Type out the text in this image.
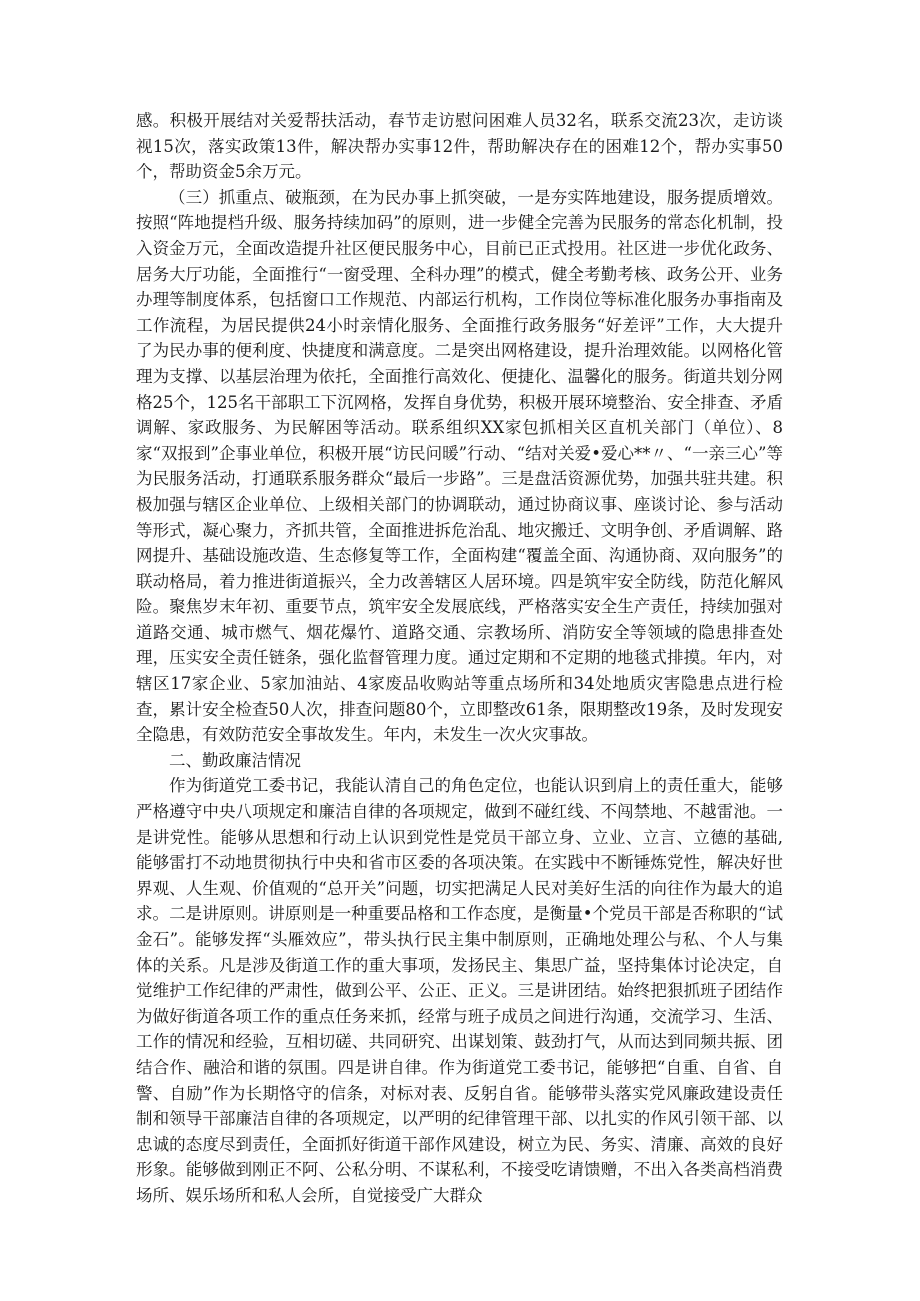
感。积极开展结对关爱帮扶活动，春节走访慰问困难人员32名，联系交流23次，走访谈视15次，落实政策13件，解决帮办实事12件，帮助解决存在的困难12个，帮办实事50个，帮助资金5余万元。

（三）抓重点、破瓶颈，在为民办事上抓突破，一是夯实阵地建设，服务提质增效。按照“阵地提档升级、服务持续加码”的原则，进一步健全完善为民服务的常态化机制，投入资金万元，全面改造提升社区便民服务中心，目前已正式投用。社区进一步优化政务、居务大厅功能，全面推行“一窗受理、全科办理”的模式，健全考勤考核、政务公开、业务办理等制度体系，包括窗口工作规范、内部运行机构，工作岗位等标准化服务办事指南及工作流程，为居民提供24小时亲情化服务、全面推行政务服务“好差评”工作，大大提升了为民办事的便利度、快捷度和满意度。二是突出网格建设，提升治理效能。以网格化管理为支撑、以基层治理为依托，全面推行高效化、便捷化、温馨化的服务。街道共划分网格25个，125名干部职工下沉网格，发挥自身优势，积极开展环境整治、安全排查、矛盾调解、家政服务、为民解困等活动。联系组织XX家包抓相关区直机关部门（单位）、8家“双报到”企事业单位，积极开展“访民问暖”行动、“结对关爱•爱心**〃、“一亲三心”等为民服务活动，打通联系服务群众“最后一步路”。三是盘活资源优势，加强共驻共建。积极加强与辖区企业单位、上级相关部门的协调联动，通过协商议事、座谈讨论、参与活动等形式，凝心聚力，齐抓共管，全面推进拆危治乱、地灾搬迁、文明争创、矛盾调解、路网提升、基础设施改造、生态修复等工作，全面构建“覆盖全面、沟通协商、双向服务”的联动格局，着力推进街道振兴，全力改善辖区人居环境。四是筑牢安全防线，防范化解风险。聚焦岁末年初、重要节点，筑牢安全发展底线，严格落实安全生产责任，持续加强对道路交通、城市燃气、烟花爆竹、道路交通、宗教场所、消防安全等领域的隐患排查处理，压实安全责任链条，强化监督管理力度。通过定期和不定期的地毯式排摸。年内，对辖区17家企业、5家加油站、4家废品收购站等重点场所和34处地质灾害隐患点进行检查，累计安全检查50人次，排查问题80个，立即整改61条，限期整改19条，及时发现安全隐患，有效防范安全事故发生。年内，未发生一次火灾事故。

二、勤政廉洁情况

作为街道党工委书记，我能认清自己的角色定位，也能认识到肩上的责任重大，能够严格遵守中央八项规定和廉洁自律的各项规定，做到不碰红线、不闯禁地、不越雷池。一是讲党性。能够从思想和行动上认识到党性是党员干部立身、立业、立言、立德的基础,能够雷打不动地贯彻执行中央和省市区委的各项决策。在实践中不断锤炼党性，解决好世界观、人生观、价值观的“总开关”问题，切实把满足人民对美好生活的向往作为最大的追求。二是讲原则。讲原则是一种重要品格和工作态度，是衡量•个党员干部是否称职的“试金石”。能够发挥“头雁效应”，带头执行民主集中制原则，正确地处理公与私、个人与集体的关系。凡是涉及街道工作的重大事项，发扬民主、集思广益，坚持集体讨论决定，自觉维护工作纪律的严肃性，做到公平、公正、正义。三是讲团结。始终把狠抓班子团结作为做好街道各项工作的重点任务来抓，经常与班子成员之间进行沟通，交流学习、生活、工作的情况和经验，互相切磋、共同研究、出谋划策、鼓劲打气，从而达到同频共振、团结合作、融洽和谐的氛围。四是讲自律。作为街道党工委书记，能够把“自重、自省、自警、自励”作为长期恪守的信条，对标对表、反躬自省。能够带头落实党风廉政建设责任制和领导干部廉洁自律的各项规定，以严明的纪律管理干部、以扎实的作风引领干部、以忠诚的态度尽到责任，全面抓好街道干部作风建设，树立为民、务实、清廉、高效的良好形象。能够做到刚正不阿、公私分明、不谋私利，不接受吃请馈赠，不出入各类高档消费场所、娱乐场所和私人会所，自觉接受广大群众
